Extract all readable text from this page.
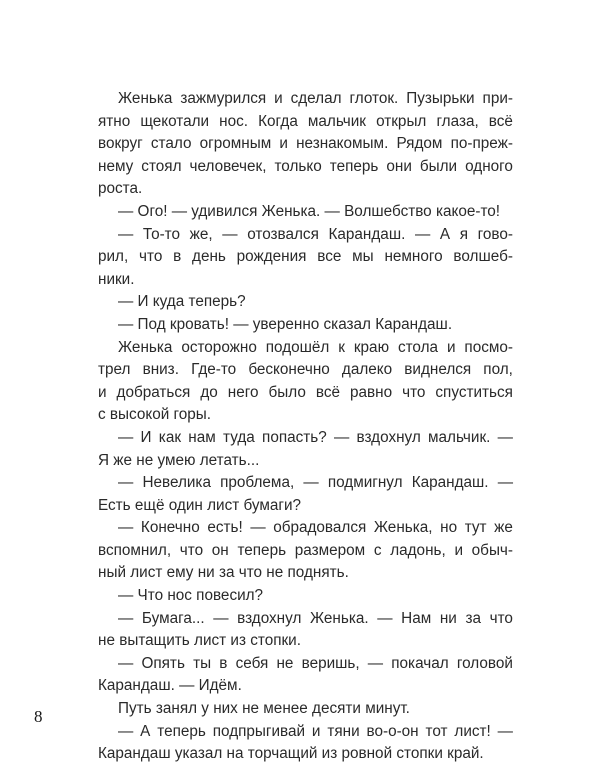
Женька зажмурился и сделал глоток. Пузырьки при-
ятно щекотали нос. Когда мальчик открыл глаза, всё
вокруг стало огромным и незнакомым. Рядом по-преж-
нему стоял человечек, только теперь они были одного
роста.
— Ого! — удивился Женька. — Волшебство какое-то!
— То-то же, — отозвался Карандаш. — А я гово-
рил, что в день рождения все мы немного волшеб-
ники.
— И куда теперь?
— Под кровать! — уверенно сказал Карандаш.
Женька осторожно подошёл к краю стола и посмо-
трел вниз. Где-то бесконечно далеко виднелся пол,
и добраться до него было всё равно что спуститься
с высокой горы.
— И как нам туда попасть? — вздохнул мальчик. —
Я же не умею летать...
— Невелика проблема, — подмигнул Карандаш. —
Есть ещё один лист бумаги?
— Конечно есть! — обрадовался Женька, но тут же
вспомнил, что он теперь размером с ладонь, и обыч-
ный лист ему ни за что не поднять.
— Что нос повесил?
— Бумага... — вздохнул Женька. — Нам ни за что
не вытащить лист из стопки.
— Опять ты в себя не веришь, — покачал головой
Карандаш. — Идём.
Путь занял у них не менее десяти минут.
— А теперь подпрыгивай и тяни во-о-он тот лист! —
Карандаш указал на торчащий из ровной стопки край.
8
